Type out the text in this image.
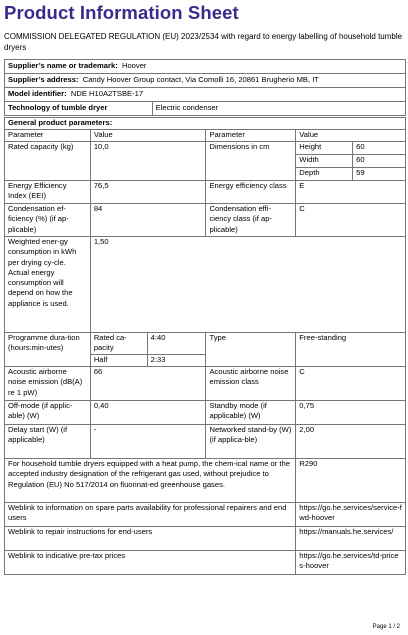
Product Information Sheet
COMMISSION DELEGATED REGULATION (EU) 2023/2534 with regard to energy labelling of household tumble dryers
Supplier’s name or trademark: Hoover
Supplier’s address: Candy Hoover Group contact, Via Comolli 16, 20861 Brugherio MB, IT
Model identifier: NDE H10A2TSBE-17
Technology of tumble dryer	Electric condenser
General product parameters:					
Parameter	Value		Parameter	Value	
Rated capacity (kg)	10,0		Dimensions in cm	Height	60
				Width	60
				Depth	59
Energy Efficiency Index (EEI)	76,5		Energy efficiency class	E	
Condensation ef-ficiency (%) (if ap-plicable)	84		Condensation effi-ciency class (if ap-plicable)	C	
Weighted ener-gy consumption in kWh per drying cy-cle. Actual energy consumption will depend on how the appliance is used.	1,50				
Programme dura-tion (hours:min-utes)	Rated ca-pacity	4:40	Type	Free-standing	
	Half	2:33			
Acoustic airborne noise emission (dB(A) re 1 pW)	66		Acoustic airborne noise emission class	C	
Off-mode (if applic-able) (W)	0,40		Standby mode (if applicable) (W)	0,75	
Delay start (W) (if applicable)	-		Networked stand-by (W) (if applica-ble)	2,00	
For household tumble dryers equipped with a heat pump, the chem-ical name or the accepted industry designation of the refrigerant gas used, without prejudice to Regulation (EU) No 517/2014 on fluorinat-ed greenhouse gases.				R290	
Weblink to information on spare parts availability for professional repairers and end users				https://go.he.services/service-fwd-hoover	
Weblink to repair instructions for end-users				https://manuals.he.services/	
Weblink to indicative pre-tax prices				https://go.he.services/td-prices-hoover	
Page 1 / 2
